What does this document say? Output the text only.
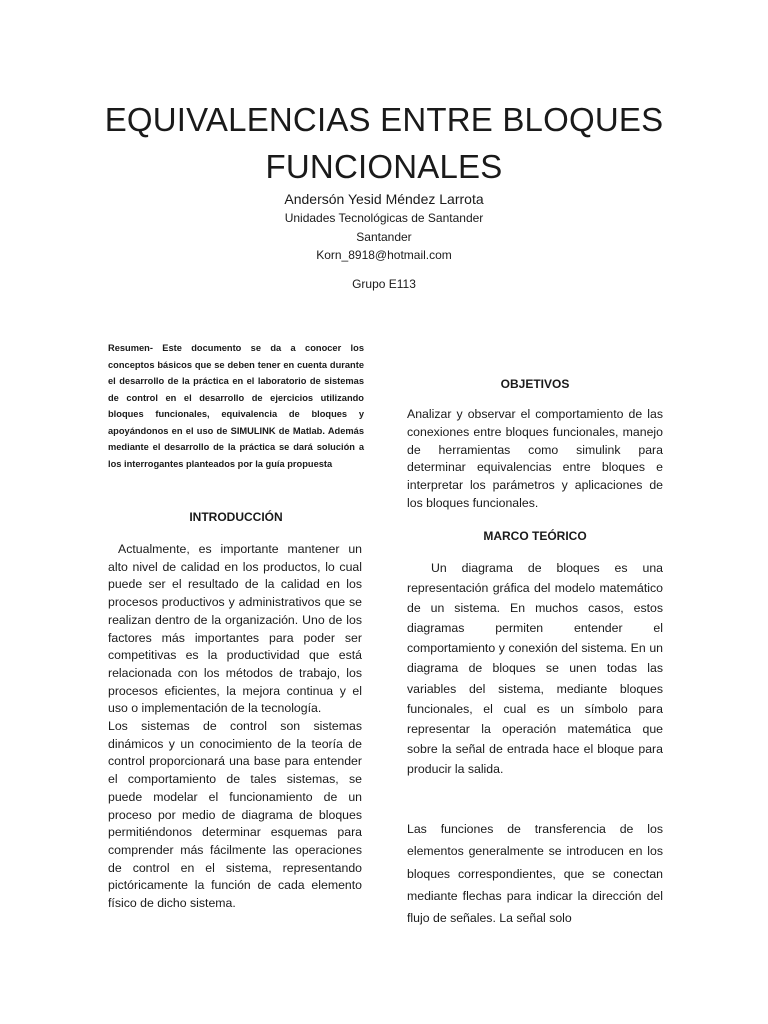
EQUIVALENCIAS ENTRE BLOQUES
FUNCIONALES
Andersón Yesid Méndez Larrota
Unidades Tecnológicas de Santander
Santander
Korn_8918@hotmail.com
Grupo E113

Resumen- Este documento se da a conocer los conceptos básicos que se deben tener en cuenta durante el desarrollo de la práctica en el laboratorio de sistemas de control en el desarrollo de ejercicios utilizando bloques funcionales, equivalencia de bloques y apoyándonos en el uso de SIMULINK de Matlab. Además mediante el desarrollo de la práctica se dará solución a los interrogantes planteados por la guía propuesta

INTRODUCCIÓN
Actualmente, es importante mantener un alto nivel de calidad en los productos, lo cual puede ser el resultado de la calidad en los procesos productivos y administrativos que se realizan dentro de la organización. Uno de los factores más importantes para poder ser competitivas es la productividad que está relacionada con los métodos de trabajo, los procesos eficientes, la mejora continua y el uso o implementación de la tecnología.
Los sistemas de control son sistemas dinámicos y un conocimiento de la teoría de control proporcionará una base para entender el comportamiento de tales sistemas, se puede modelar el funcionamiento de un proceso por medio de diagrama de bloques permitiéndonos determinar esquemas para comprender más fácilmente las operaciones de control en el sistema, representando pictóricamente la función de cada elemento físico de dicho sistema.
OBJETIVOS
Analizar y observar el comportamiento de las conexiones entre bloques funcionales, manejo de herramientas como simulink para determinar equivalencias entre bloques e interpretar los parámetros y aplicaciones de los bloques funcionales.
MARCO TEÓRICO
Un diagrama de bloques es una representación gráfica del modelo matemático de un sistema. En muchos casos, estos diagramas permiten entender el comportamiento y conexión del sistema. En un diagrama de bloques se unen todas las variables del sistema, mediante bloques funcionales, el cual es un símbolo para representar la operación matemática que sobre la señal de entrada hace el bloque para producir la salida.
Las funciones de transferencia de los elementos generalmente se introducen en los bloques correspondientes, que se conectan mediante flechas para indicar la dirección del flujo de señales. La señal solo
